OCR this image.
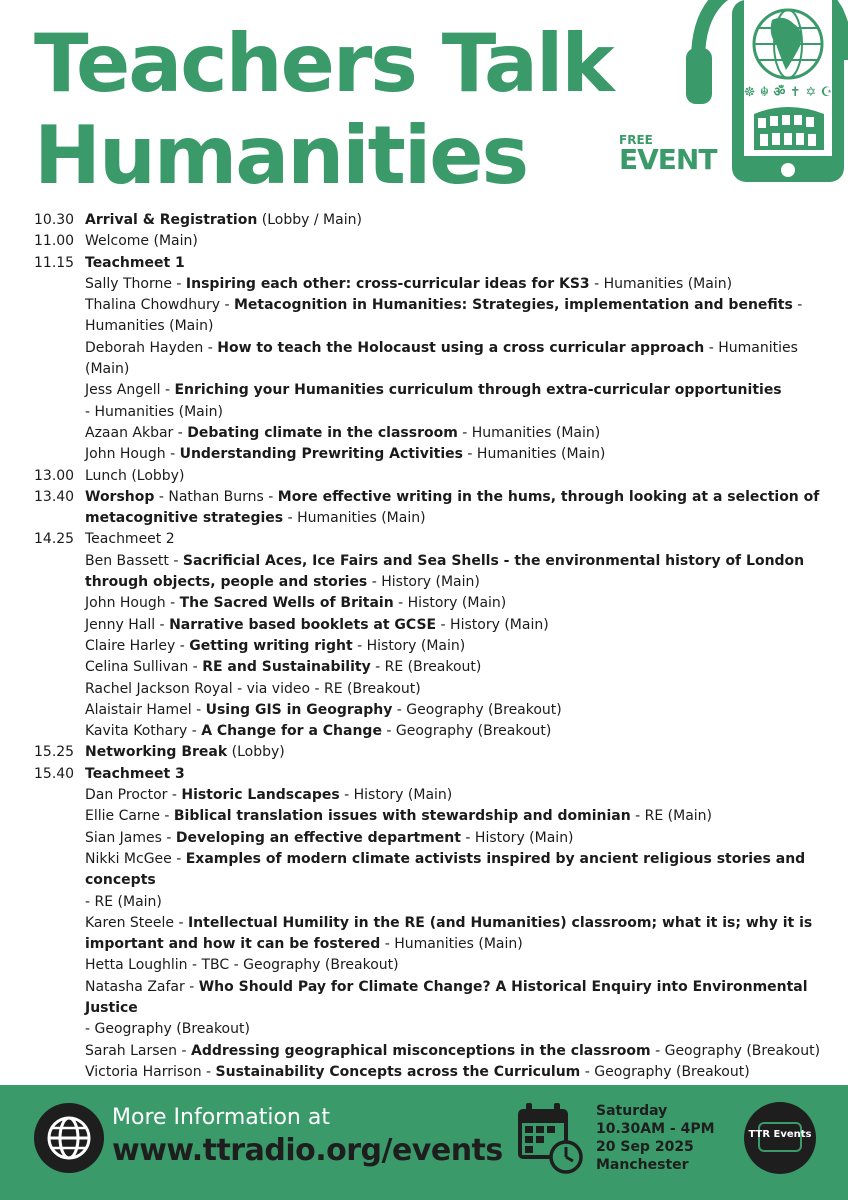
Teachers Talk
Humanities	FREE
EVENT
☸ ☬ ॐ ✝ ✡ ☪
10.30 Arrival & Registration (Lobby / Main)
11.00 Welcome (Main)
11.15 Teachmeet 1
Sally Thorne - Inspiring each other: cross-curricular ideas for KS3 - Humanities (Main)
Thalina Chowdhury - Metacognition in Humanities: Strategies, implementation and benefits - Humanities (Main)
Deborah Hayden - How to teach the Holocaust using a cross curricular approach - Humanities (Main)
Jess Angell - Enriching your Humanities curriculum through extra-curricular opportunities
- Humanities (Main)
Azaan Akbar - Debating climate in the classroom - Humanities (Main)
John Hough - Understanding Prewriting Activities - Humanities (Main)
13.00 Lunch (Lobby)
13.40 Worshop - Nathan Burns - More effective writing in the hums, through looking at a selection of metacognitive strategies - Humanities (Main)
14.25 Teachmeet 2
Ben Bassett - Sacrificial Aces, Ice Fairs and Sea Shells - the environmental history of London through objects, people and stories - History (Main)
John Hough - The Sacred Wells of Britain - History (Main)
Jenny Hall - Narrative based booklets at GCSE - History (Main)
Claire Harley - Getting writing right - History (Main)
Celina Sullivan - RE and Sustainability - RE (Breakout)
Rachel Jackson Royal - via video - RE (Breakout)
Alaistair Hamel - Using GIS in Geography - Geography (Breakout)
Kavita Kothary - A Change for a Change - Geography (Breakout)
15.25 Networking Break (Lobby)
15.40 Teachmeet 3
Dan Proctor - Historic Landscapes - History (Main)
Ellie Carne - Biblical translation issues with stewardship and dominian - RE (Main)
Sian James - Developing an effective department - History (Main)
Nikki McGee - Examples of modern climate activists inspired by ancient religious stories and concepts
- RE (Main)
Karen Steele - Intellectual Humility in the RE (and Humanities) classroom; what it is; why it is important and how it can be fostered - Humanities (Main)
Hetta Loughlin - TBC - Geography (Breakout)
Natasha Zafar - Who Should Pay for Climate Change? A Historical Enquiry into Environmental Justice
- Geography (Breakout)
Sarah Larsen - Addressing geographical misconceptions in the classroom - Geography (Breakout)
Victoria Harrison - Sustainability Concepts across the Curriculum - Geography (Breakout)
More Information at
www.ttradio.org/events
Saturday
10.30AM - 4PM
20 Sep 2025
Manchester
TTR Events
